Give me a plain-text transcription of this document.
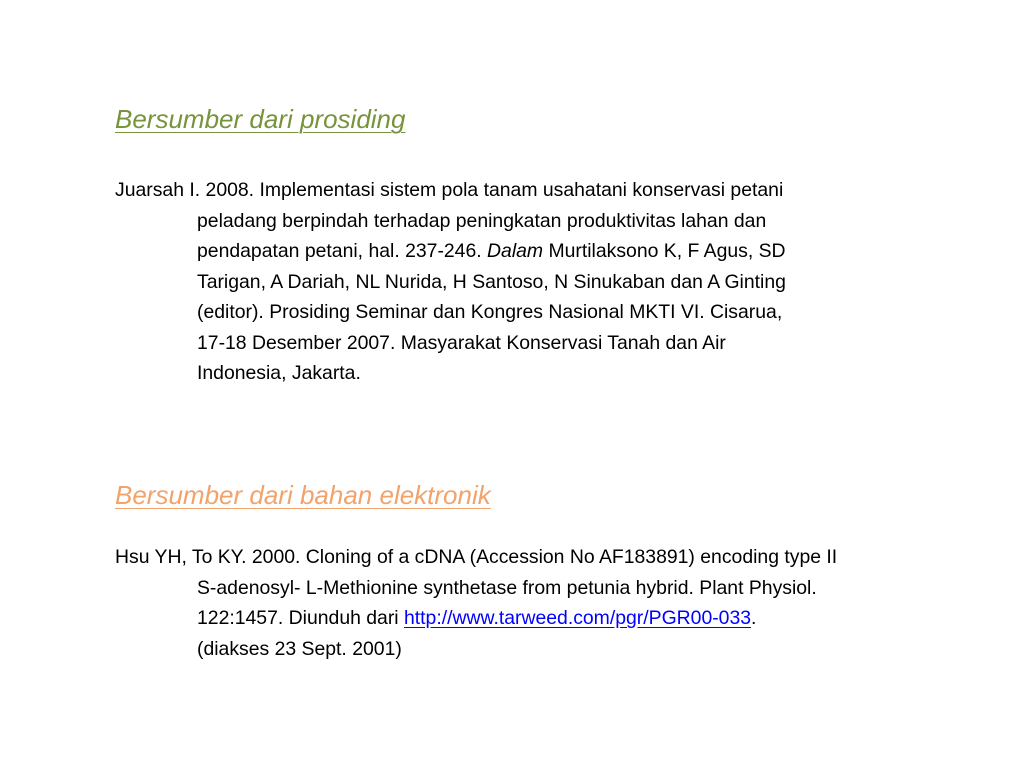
Bersumber dari prosiding

Juarsah I. 2008. Implementasi sistem pola tanam usahatani konservasi petani
peladang berpindah terhadap peningkatan produktivitas lahan dan
pendapatan petani, hal. 237-246. Dalam Murtilaksono K, F Agus, SD
Tarigan, A Dariah, NL Nurida, H Santoso, N Sinukaban dan A Ginting
(editor). Prosiding Seminar dan Kongres Nasional MKTI VI. Cisarua,
17-18 Desember 2007. Masyarakat Konservasi Tanah dan Air
Indonesia, Jakarta.

Bersumber dari bahan elektronik

Hsu YH, To KY. 2000. Cloning of a cDNA (Accession No AF183891) encoding type II
S-adenosyl- L-Methionine synthetase from petunia hybrid. Plant Physiol.
122:1457. Diunduh dari http://www.tarweed.com/pgr/PGR00-033.
(diakses 23 Sept. 2001)
